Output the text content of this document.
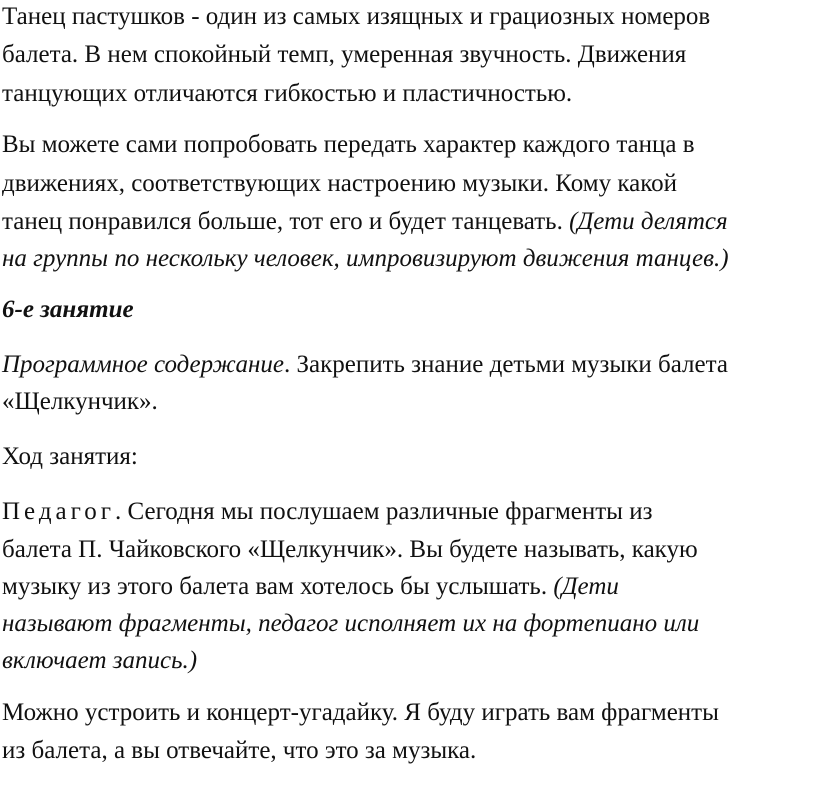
Танец пастушков - один из самых изящных и грациозных номеров
балета. В нем спокойный темп, умеренная звучность. Движения
танцующих отличаются гибкостью и пластичностью.
Вы можете сами попробовать передать характер каждого танца в
движениях, соответствующих настроению музыки. Кому какой
танец понравился больше, тот его и будет танцевать. (Дети делятся
на группы по нескольку человек, импровизируют движения танцев.)
6-е занятие
Программное содержание. Закрепить знание детьми музыки балета
«Щелкунчик».
Ход занятия:
Педагог. Сегодня мы послушаем различные фрагменты из
балета П. Чайковского «Щелкунчик». Вы будете называть, какую
музыку из этого балета вам хотелось бы услышать. (Дети
называют фрагменты, педагог исполняет их на фортепиано или
включает запись.)
Можно устроить и концерт-угадайку. Я буду играть вам фрагменты
из балета, а вы отвечайте, что это за музыка.
